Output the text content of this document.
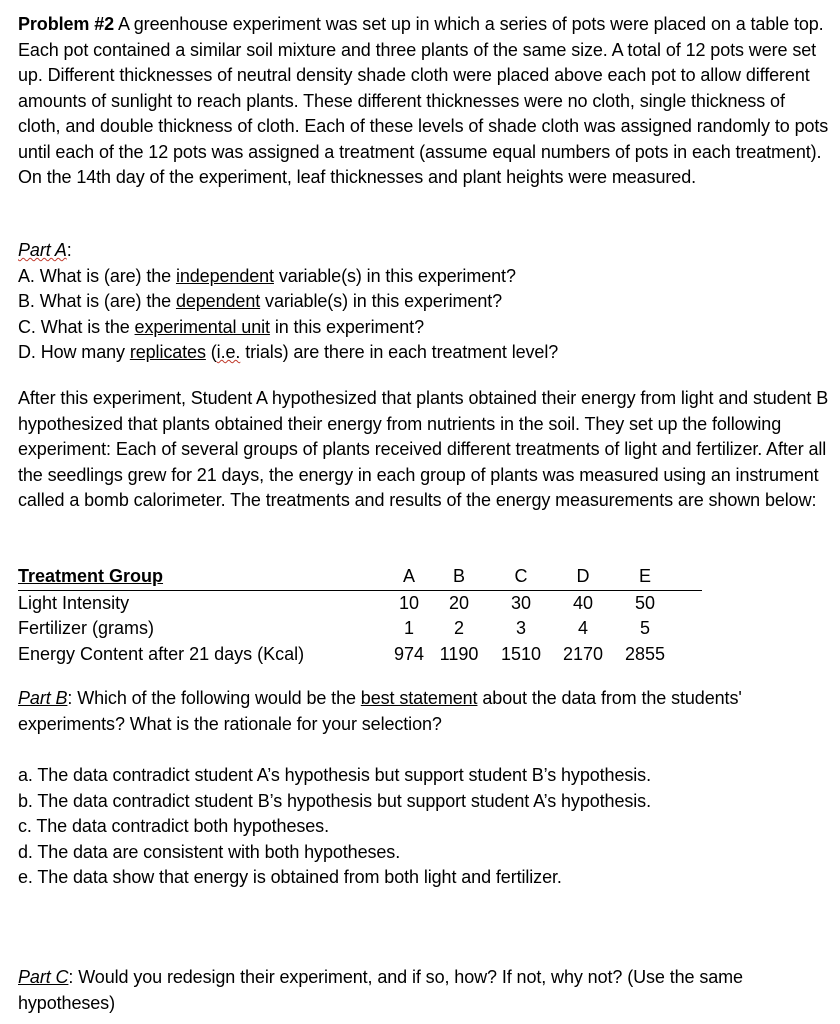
Problem #2 A greenhouse experiment was set up in which a series of pots were placed on a table top. Each pot contained a similar soil mixture and three plants of the same size. A total of 12 pots were set up. Different thicknesses of neutral density shade cloth were placed above each pot to allow different amounts of sunlight to reach plants. These different thicknesses were no cloth, single thickness of cloth, and double thickness of cloth. Each of these levels of shade cloth was assigned randomly to pots until each of the 12 pots was assigned a treatment (assume equal numbers of pots in each treatment). On the 14th day of the experiment, leaf thicknesses and plant heights were measured.

Part A:
A. What is (are) the independent variable(s) in this experiment?
B. What is (are) the dependent variable(s) in this experiment?
C. What is the experimental unit in this experiment?
D. How many replicates (i.e. trials) are there in each treatment level?

After this experiment, Student A hypothesized that plants obtained their energy from light and student B hypothesized that plants obtained their energy from nutrients in the soil. They set up the following experiment: Each of several groups of plants received different treatments of light and fertilizer. After all the seedlings grew for 21 days, the energy in each group of plants was measured using an instrument called a bomb calorimeter. The treatments and results of the energy measurements are shown below:

Treatment Group	A	B	C	D	E	
Light Intensity	10	20	30	40	50	
Fertilizer (grams)	1	2	3	4	5	
Energy Content after 21 days (Kcal)	974	1190	1510	2170	2855	

Part B: Which of the following would be the best statement about the data from the students' experiments? What is the rationale for your selection?

a. The data contradict student A’s hypothesis but support student B’s hypothesis.
b. The data contradict student B’s hypothesis but support student A’s hypothesis.
c. The data contradict both hypotheses.
d. The data are consistent with both hypotheses.
e. The data show that energy is obtained from both light and fertilizer.

Part C: Would you redesign their experiment, and if so, how? If not, why not? (Use the same hypotheses)
